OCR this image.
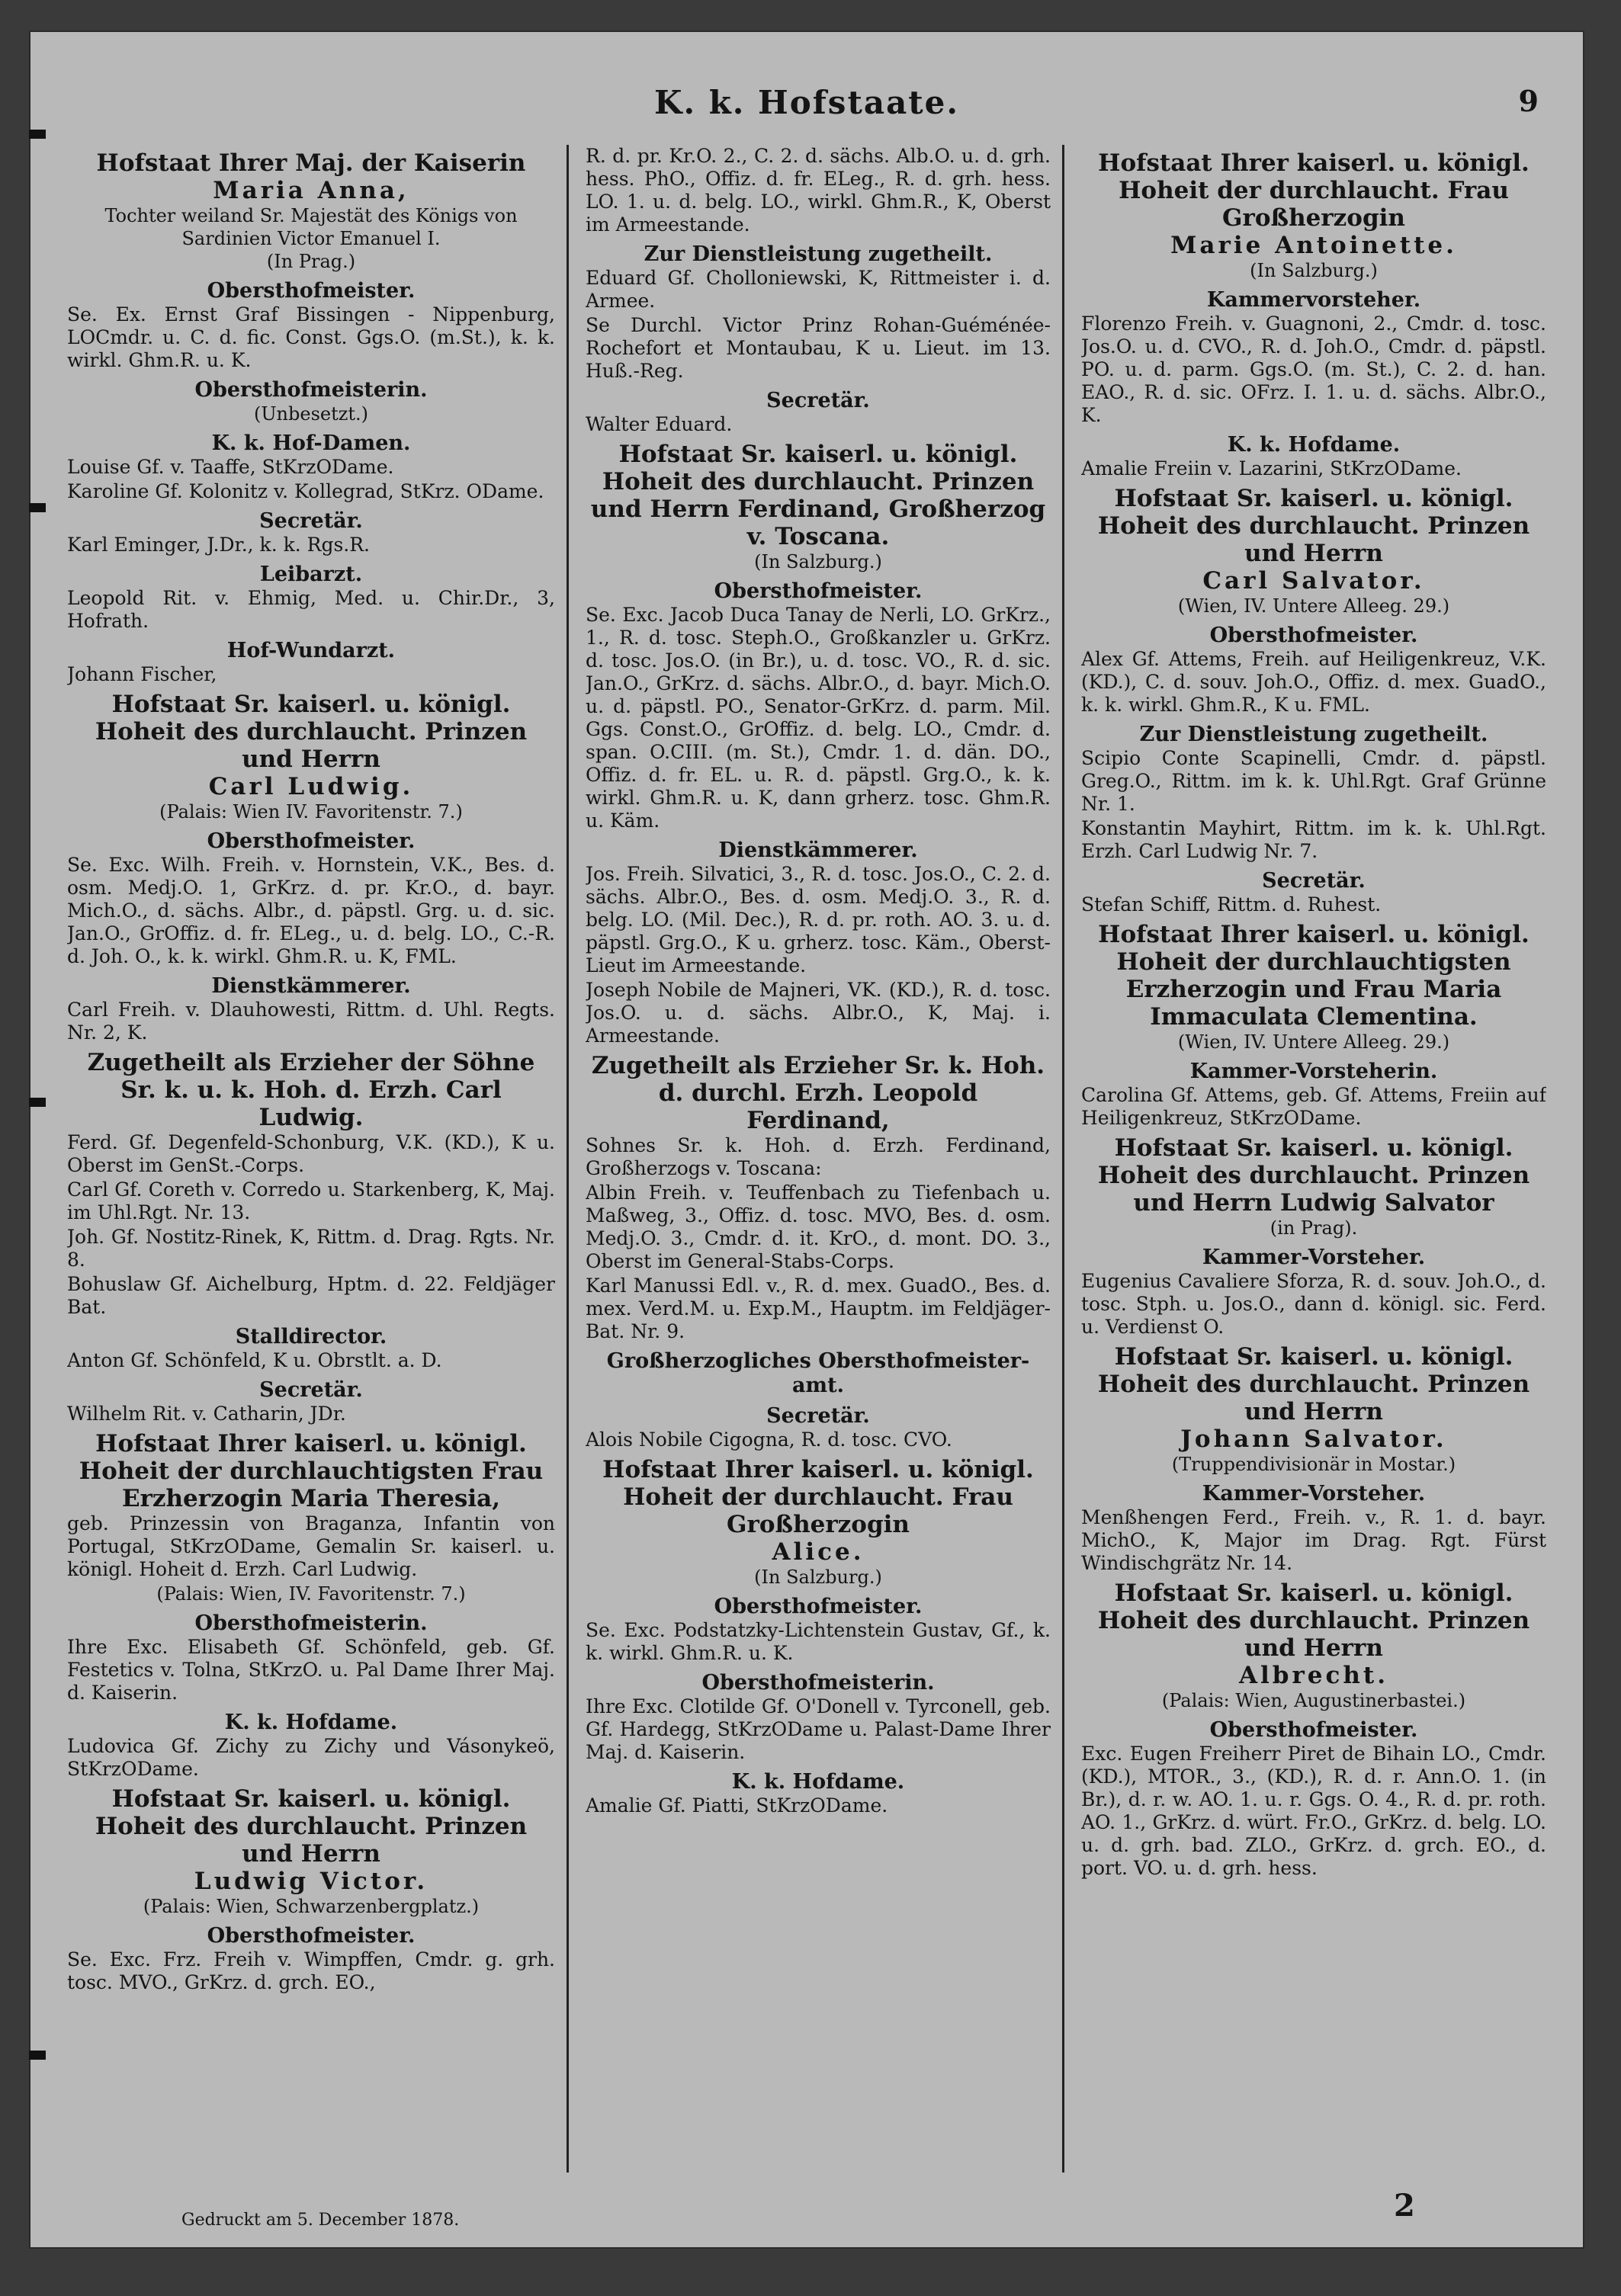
K. k. Hofstaate.	9
Hofstaat Ihrer Maj. der Kaiserin
Maria Anna,
Tochter weiland Sr. Majestät des Königs von Sardinien Victor Emanuel I.
(In Prag.)
Obersthofmeister.
Se. Ex. Ernst Graf Bissingen - Nippenburg, LOCmdr. u. C. d. fic. Const. Ggs.O. (m.St.), k. k. wirkl. Ghm.R. u. K.
Obersthofmeisterin.
(Unbesetzt.)
K. k. Hof-Damen.
Louise Gf. v. Taaffe, StKrzODame.
Karoline Gf. Kolonitz v. Kollegrad, StKrz. ODame.
Secretär.
Karl Eminger, J.Dr., k. k. Rgs.R.
Leibarzt.
Leopold Rit. v. Ehmig, Med. u. Chir.Dr., 3, Hofrath.
Hof-Wundarzt.
Johann Fischer,
Hofstaat Sr. kaiserl. u. königl. Hoheit des durchlaucht. Prinzen und Herrn
Carl Ludwig.
(Palais: Wien IV. Favoritenstr. 7.)
Obersthofmeister.
Se. Exc. Wilh. Freih. v. Hornstein, V.K., Bes. d. osm. Medj.O. 1, GrKrz. d. pr. Kr.O., d. bayr. Mich.O., d. sächs. Albr., d. päpstl. Grg. u. d. sic. Jan.O., GrOffiz. d. fr. ELeg., u. d. belg. LO., C.-R. d. Joh. O., k. k. wirkl. Ghm.R. u. K, FML.
Dienstkämmerer.
Carl Freih. v. Dlauhowesti, Rittm. d. Uhl. Regts. Nr. 2, K.
Zugetheilt als Erzieher der Söhne Sr. k. u. k. Hoh. d. Erzh. Carl Ludwig.
Ferd. Gf. Degenfeld-Schonburg, V.K. (KD.), K u. Oberst im GenSt.-Corps.
Carl Gf. Coreth v. Corredo u. Starkenberg, K, Maj. im Uhl.Rgt. Nr. 13.
Joh. Gf. Nostitz-Rinek, K, Rittm. d. Drag. Rgts. Nr. 8.
Bohuslaw Gf. Aichelburg, Hptm. d. 22. Feldjäger Bat.
Stalldirector.
Anton Gf. Schönfeld, K u. Obrstlt. a. D.
Secretär.
Wilhelm Rit. v. Catharin, JDr.
Hofstaat Ihrer kaiserl. u. königl. Hoheit der durchlauchtigsten Frau Erzherzogin Maria Theresia,
geb. Prinzessin von Braganza, Infantin von Portugal, StKrzODame, Gemalin Sr. kaiserl. u. königl. Hoheit d. Erzh. Carl Ludwig.
(Palais: Wien, IV. Favoritenstr. 7.)
Obersthofmeisterin.
Ihre Exc. Elisabeth Gf. Schönfeld, geb. Gf. Festetics v. Tolna, StKrzO. u. Pal Dame Ihrer Maj. d. Kaiserin.
K. k. Hofdame.
Ludovica Gf. Zichy zu Zichy und Vásonykeö, StKrzODame.
Hofstaat Sr. kaiserl. u. königl. Hoheit des durchlaucht. Prinzen und Herrn
Ludwig Victor.
(Palais: Wien, Schwarzenbergplatz.)
Obersthofmeister.
Se. Exc. Frz. Freih v. Wimpffen, Cmdr. g. grh. tosc. MVO., GrKrz. d. grch. EO.,
R. d. pr. Kr.O. 2., C. 2. d. sächs. Alb.O. u. d. grh. hess. PhO., Offiz. d. fr. ELeg., R. d. grh. hess. LO. 1. u. d. belg. LO., wirkl. Ghm.R., K, Oberst im Armeestande.
Zur Dienstleistung zugetheilt.
Eduard Gf. Cholloniewski, K, Rittmeister i. d. Armee.
Se Durchl. Victor Prinz Rohan-Guéménée-Rochefort et Montaubau, K u. Lieut. im 13. Huß.-Reg.
Secretär.
Walter Eduard.
Hofstaat Sr. kaiserl. u. königl. Hoheit des durchlaucht. Prinzen und Herrn Ferdinand, Großherzog v. Toscana.
(In Salzburg.)
Obersthofmeister.
Se. Exc. Jacob Duca Tanay de Nerli, LO. GrKrz., 1., R. d. tosc. Steph.O., Großkanzler u. GrKrz. d. tosc. Jos.O. (in Br.), u. d. tosc. VO., R. d. sic. Jan.O., GrKrz. d. sächs. Albr.O., d. bayr. Mich.O. u. d. päpstl. PO., Senator-GrKrz. d. parm. Mil. Ggs. Const.O., GrOffiz. d. belg. LO., Cmdr. d. span. O.CIII. (m. St.), Cmdr. 1. d. dän. DO., Offiz. d. fr. EL. u. R. d. päpstl. Grg.O., k. k. wirkl. Ghm.R. u. K, dann grherz. tosc. Ghm.R. u. Käm.
Dienstkämmerer.
Jos. Freih. Silvatici, 3., R. d. tosc. Jos.O., C. 2. d. sächs. Albr.O., Bes. d. osm. Medj.O. 3., R. d. belg. LO. (Mil. Dec.), R. d. pr. roth. AO. 3. u. d. päpstl. Grg.O., K u. grherz. tosc. Käm., Oberst-Lieut im Armeestande.
Joseph Nobile de Majneri, VK. (KD.), R. d. tosc. Jos.O. u. d. sächs. Albr.O., K, Maj. i. Armeestande.
Zugetheilt als Erzieher Sr. k. Hoh. d. durchl. Erzh. Leopold Ferdinand,
Sohnes Sr. k. Hoh. d. Erzh. Ferdinand, Großherzogs v. Toscana:
Albin Freih. v. Teuffenbach zu Tiefenbach u. Maßweg, 3., Offiz. d. tosc. MVO, Bes. d. osm. Medj.O. 3., Cmdr. d. it. KrO., d. mont. DO. 3., Oberst im General-Stabs-Corps.
Karl Manussi Edl. v., R. d. mex. GuadO., Bes. d. mex. Verd.M. u. Exp.M., Hauptm. im Feldjäger-Bat. Nr. 9.
Großherzogliches Obersthofmeister-amt.
Secretär.
Alois Nobile Cigogna, R. d. tosc. CVO.
Hofstaat Ihrer kaiserl. u. königl. Hoheit der durchlaucht. Frau Großherzogin
Alice.
(In Salzburg.)
Obersthofmeister.
Se. Exc. Podstatzky-Lichtenstein Gustav, Gf., k. k. wirkl. Ghm.R. u. K.
Obersthofmeisterin.
Ihre Exc. Clotilde Gf. O'Donell v. Tyrconell, geb. Gf. Hardegg, StKrzODame u. Palast-Dame Ihrer Maj. d. Kaiserin.
K. k. Hofdame.
Amalie Gf. Piatti, StKrzODame.
Hofstaat Ihrer kaiserl. u. königl. Hoheit der durchlaucht. Frau Großherzogin
Marie Antoinette.
(In Salzburg.)
Kammervorsteher.
Florenzo Freih. v. Guagnoni, 2., Cmdr. d. tosc. Jos.O. u. d. CVO., R. d. Joh.O., Cmdr. d. päpstl. PO. u. d. parm. Ggs.O. (m. St.), C. 2. d. han. EAO., R. d. sic. OFrz. I. 1. u. d. sächs. Albr.O., K.
K. k. Hofdame.
Amalie Freiin v. Lazarini, StKrzODame.
Hofstaat Sr. kaiserl. u. königl. Hoheit des durchlaucht. Prinzen und Herrn
Carl Salvator.
(Wien, IV. Untere Alleeg. 29.)
Obersthofmeister.
Alex Gf. Attems, Freih. auf Heiligenkreuz, V.K. (KD.), C. d. souv. Joh.O., Offiz. d. mex. GuadO., k. k. wirkl. Ghm.R., K u. FML.
Zur Dienstleistung zugetheilt.
Scipio Conte Scapinelli, Cmdr. d. päpstl. Greg.O., Rittm. im k. k. Uhl.Rgt. Graf Grünne Nr. 1.
Konstantin Mayhirt, Rittm. im k. k. Uhl.Rgt. Erzh. Carl Ludwig Nr. 7.
Secretär.
Stefan Schiff, Rittm. d. Ruhest.
Hofstaat Ihrer kaiserl. u. königl. Hoheit der durchlauchtigsten Erzherzogin und Frau Maria Immaculata Clementina.
(Wien, IV. Untere Alleeg. 29.)
Kammer-Vorsteherin.
Carolina Gf. Attems, geb. Gf. Attems, Freiin auf Heiligenkreuz, StKrzODame.
Hofstaat Sr. kaiserl. u. königl. Hoheit des durchlaucht. Prinzen und Herrn Ludwig Salvator
(in Prag).
Kammer-Vorsteher.
Eugenius Cavaliere Sforza, R. d. souv. Joh.O., d. tosc. Stph. u. Jos.O., dann d. königl. sic. Ferd. u. Verdienst O.
Hofstaat Sr. kaiserl. u. königl. Hoheit des durchlaucht. Prinzen und Herrn
Johann Salvator.
(Truppendivisionär in Mostar.)
Kammer-Vorsteher.
Menßhengen Ferd., Freih. v., R. 1. d. bayr. MichO., K, Major im Drag. Rgt. Fürst Windischgrätz Nr. 14.
Hofstaat Sr. kaiserl. u. königl. Hoheit des durchlaucht. Prinzen und Herrn
Albrecht.
(Palais: Wien, Augustinerbastei.)
Obersthofmeister.
Exc. Eugen Freiherr Piret de Bihain LO., Cmdr. (KD.), MTOR., 3., (KD.), R. d. r. Ann.O. 1. (in Br.), d. r. w. AO. 1. u. r. Ggs. O. 4., R. d. pr. roth. AO. 1., GrKrz. d. würt. Fr.O., GrKrz. d. belg. LO. u. d. grh. bad. ZLO., GrKrz. d. grch. EO., d. port. VO. u. d. grh. hess.
Gedruckt am 5. December 1878.	2
